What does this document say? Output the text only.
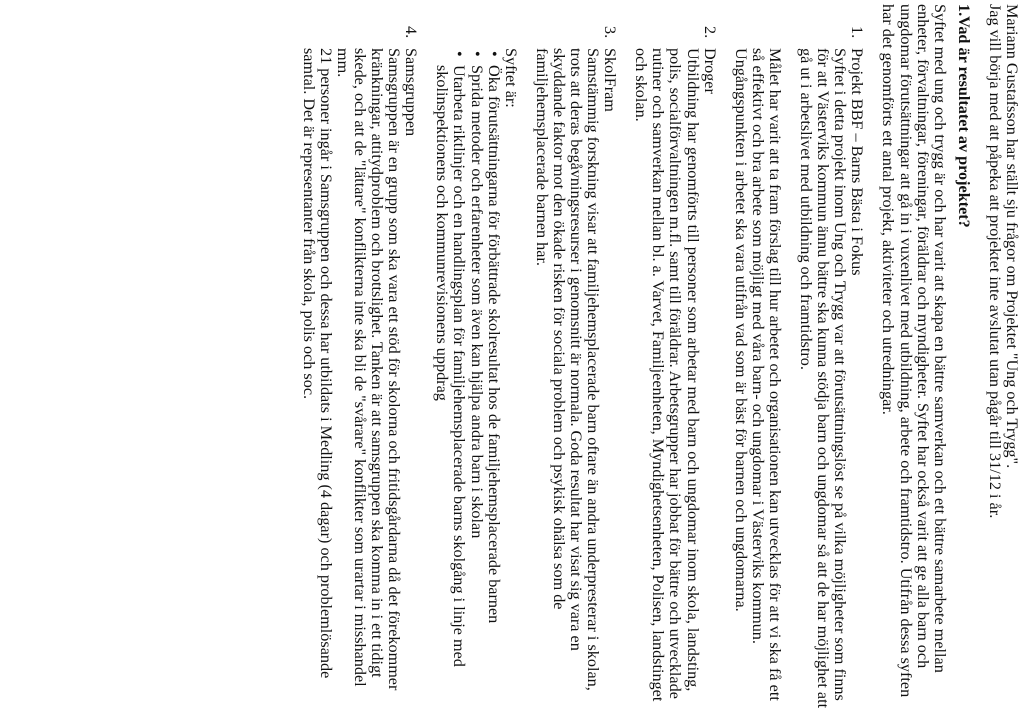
Mariann Gustafsson har ställt sju frågor om Projektet "Ung och Trygg".

Jag vill börja med att påpeka att projektet inte avslutat utan pågår till 31/12 i år.

1.Vad är resultatet av projektet?

Syftet med ung och trygg är och har varit att skapa en bättre samverkan och ett bättre samarbete mellan enheter, förvaltningar, föreningar, föräldrar och myndigheter. Syftet har också varit att ge alla barn och ungdomar förutsättningar att gå in i vuxenlivet med utbildning, arbete och framtidstro. Utifrån dessa syften har det genomförts ett antal projekt, aktiviteter och utredningar.

1.

Projekt BBF – Barns Bästa i Fokus

Syftet i detta projekt inom Ung och Trygg var att förutsättningslöst se på vilka möjligheter som finns för att Västerviks kommun ännu bättre ska kunna stödja barn och ungdomar så att de har möjlighet att gå ut i arbetslivet med utbildning och framtidstro.

Målet har varit att ta fram förslag till hur arbetet och organisationen kan utvecklas för att vi ska få ett så effektivt och bra arbete som möjligt med våra barn- och ungdomar i Västerviks kommun. Ungångspunkten i arbetet ska vara utifrån vad som är bäst för barnen och ungdomarna.

2.

Droger

Utbildning har genomförts till personer som arbetar med barn och ungdomar inom skola, landsting, polis, socialförvaltningen m.fl. samt till föräldrar. Arbetsgrupper har jobbat för bättre och utvecklade rutiner och samverkan mellan bl. a. Varvet, Familjeenheten, Myndighetsenheten, Polisen, landstinget och skolan.

3.

SkolFram

Samstämmig forskning visar att familjehemsplacerade barn oftare än andra underpresterar i skolan, trots att deras begåvningsresurser i genomsnitt är normala. Goda resultat har visat sig vara en skyddande faktor mot den ökade risken för sociala problem och psykisk ohälsa som de familjehemsplacerade barnen har.

Syftet är:

• Öka förutsättningarna för förbättrade skolresultat hos de familjehemsplacerade barnen
• Sprida metoder och erfarenheter som även kan hjälpa andra barn i skolan
• Utarbeta riktlinjer och en handlingsplan för familjehemsplacerade barns skolgång i linje med skolinspektionens och kommunrevisionens uppdrag
4.

Samsgruppen

Samsgruppen är en grupp som ska vara ett stöd för skolorna och fritidsgårdarna då det förekommer kränkningar, attitydproblem och brottslighet. Tanken är att samsgruppen ska komma in i ett tidigt skede, och att de "lättare" konflikterna inte ska bli de "svårare" konflikter som urartar i misshandel mm.

21 personer ingår i Samsgruppen och dessa har utbildats i Medling (4 dagar) och problemlösande samtal. Det är representanter från skola, polis och soc.
